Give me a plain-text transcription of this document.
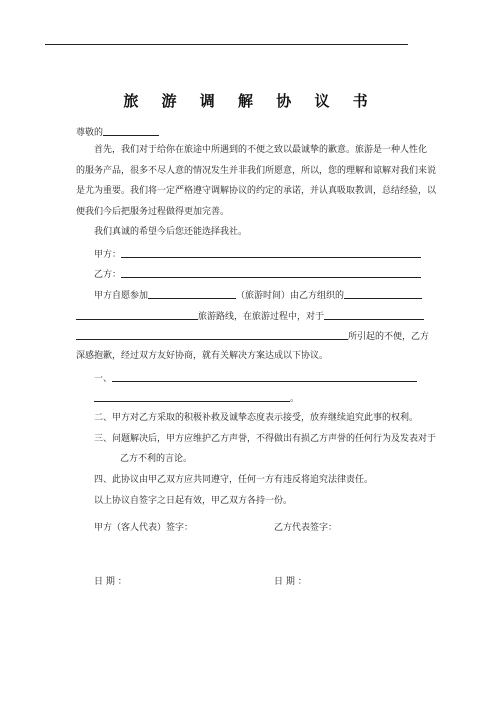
旅 游 调 解 协 议 书
尊敬的
首先，我们对于给你在旅途中所遇到的不便之致以最诚挚的歉意。旅游是一种人性化
的服务产品，很多不尽人意的情况发生并非我们所愿意，所以，您的理解和谅解对我们来说
是尤为重要。我们将一定严格遵守调解协议的约定的承诺，并认真吸取教训，总结经验，以
便我们今后把服务过程做得更加完善。
我们真诚的希望今后您还能选择我社。
甲方：
乙方：
甲方自愿参加	（旅游时间）由乙方组织的
旅游路线，在旅游过程中，对于
所引起的不便，乙方
深感抱歉，经过双方友好协商，就有关解决方案达成以下协议。
一、
。
二、甲方对乙方采取的积极补救及诚挚态度表示接受，放弃继续追究此事的权利。
三、问题解决后，甲方应维护乙方声誉，不得做出有损乙方声誉的任何行为及发表对于
乙方不利的言论。
四、此协议由甲乙双方应共同遵守，任何一方有违反将追究法律责任。
以上协议自签字之日起有效，甲乙双方各持一份。
甲方（客人代表）签字：	乙方代表签字：
日 期 ：	日 期 ：
